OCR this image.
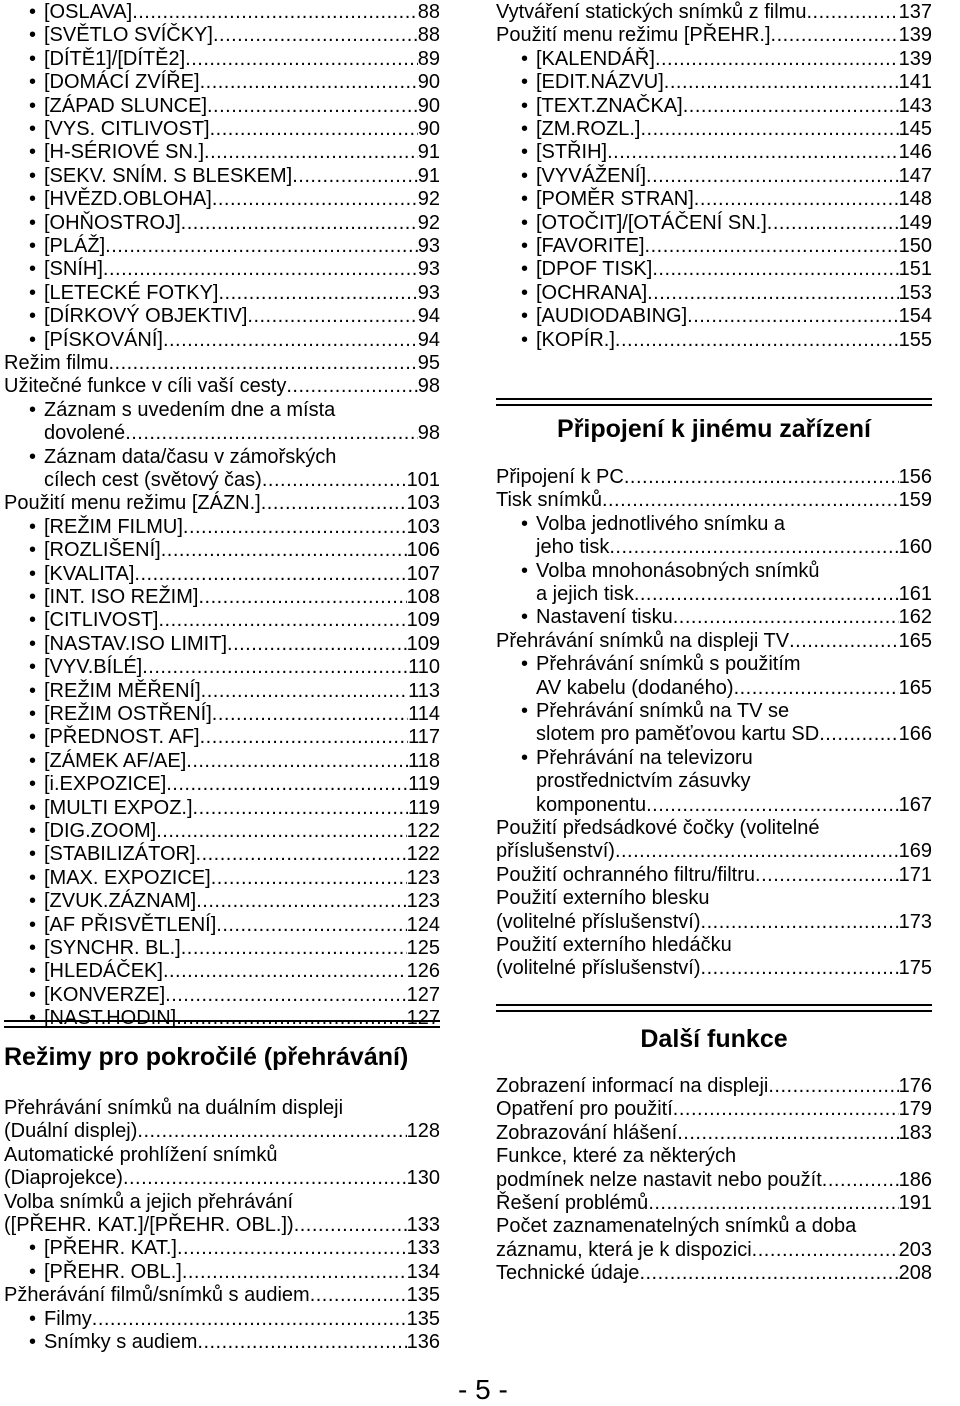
• [OSLAVA] .....	88
• [SVĚTLO SVÍČKY] .....	88
• [DÍTĚ1]/[DÍTĚ2] .....	89
• [DOMÁCÍ ZVÍŘE] .....	90
• [ZÁPAD SLUNCE] .....	90
• [VYS. CITLIVOST] .....	90
• [H-SÉRIOVÉ SN.] .....	91
• [SEKV. SNÍM. S BLESKEM] .....	91
• [HVĚZD.OBLOHA] .....	92
• [OHŇOSTROJ] .....	92
• [PLÁŽ] .....	93
• [SNÍH] .....	93
• [LETECKÉ FOTKY] .....	93
• [DÍRKOVÝ OBJEKTIV] .....	94
• [PÍSKOVÁNÍ] .....	94
Režim filmu .....	95
Užitečné funkce v cíli vaší cesty .....	98
• Záznam s uvedením dne a místa
dovolené .....	98
• Záznam data/času v zámořských
cílech cest (světový čas) .....	101
Použití menu režimu [ZÁZN.] .....	103
• [REŽIM FILMU] .....	103
• [ROZLIŠENÍ] .....	106
• [KVALITA] .....	107
• [INT. ISO REŽIM] .....	108
• [CITLIVOST] .....	109
• [NASTAV.ISO LIMIT] .....	109
• [VYV.BÍLÉ] .....	110
• [REŽIM MĚŘENÍ] .....	113
• [REŽIM OSTŘENÍ] .....	114
• [PŘEDNOST. AF] .....	117
• [ZÁMEK AF/AE] .....	118
• [i.EXPOZICE] .....	119
• [MULTI EXPOZ.] .....	119
• [DIG.ZOOM] .....	122
• [STABILIZÁTOR] .....	122
• [MAX. EXPOZICE] .....	123
• [ZVUK.ZÁZNAM] .....	123
• [AF PŘISVĚTLENÍ] .....	124
• [SYNCHR. BL.] .....	125
• [HLEDÁČEK] .....	126
• [KONVERZE] .....	127
• [NAST.HODIN] .....	127
Režimy pro pokročilé (přehrávání)
Přehrávání snímků na duálním displeji
(Duální displej) .....	128
Automatické prohlížení snímků
(Diaprojekce) .....	130
Volba snímků a jejich přehrávání
([PŘEHR. KAT.]/[PŘEHR. OBL.]) .....	133
• [PŘEHR. KAT.] .....	133
• [PŘEHR. OBL.] .....	134
Pžherávání filmů/snímků s audiem .....	135
• Filmy .....	135
• Snímky s audiem .....	136
Vytváření statických snímků z filmu .....	137
Použití menu režimu [PŘEHR.] .....	139
• [KALENDÁŘ] .....	139
• [EDIT.NÁZVU] .....	141
• [TEXT.ZNAČKA] .....	143
• [ZM.ROZL.] .....	145
• [STŘIH] .....	146
• [VYVÁŽENÍ] .....	147
• [POMĚR STRAN] .....	148
• [OTOČIT]/[OTÁČENÍ SN.] .....	149
• [FAVORITE] .....	150
• [DPOF TISK] .....	151
• [OCHRANA] .....	153
• [AUDIODABING] .....	154
• [KOPÍR.] .....	155
Připojení k jinému zařízení
Připojení k PC .....	156
Tisk snímků .....	159
• Volba jednotlivého snímku a
jeho tisk .....	160
• Volba mnohonásobných snímků
a jejich tisk .....	161
• Nastavení tisku .....	162
Přehrávání snímků na displeji TV .....	165
• Přehrávání snímků s použitím
AV kabelu (dodaného) .....	165
• Přehrávání snímků na TV se
slotem pro paměťovou kartu SD .....	166
• Přehrávání na televizoru
prostřednictvím zásuvky
komponentu .....	167
Použití předsádkové čočky (volitelné
příslušenství) .....	169
Použití ochranného filtru/filtru .....	171
Použití externího blesku
(volitelné příslušenství) .....	173
Použití externího hledáčku
(volitelné příslušenství) .....	175
Další funkce
Zobrazení informací na displeji .....	176
Opatření pro použití .....	179
Zobrazování hlášení .....	183
Funkce, které za některých
podmínek nelze nastavit nebo použít .....	186
Řešení problémů .....	191
Počet zaznamenatelných snímků a doba
záznamu, která je k dispozici .....	203
Technické údaje .....	208
- 5 -
